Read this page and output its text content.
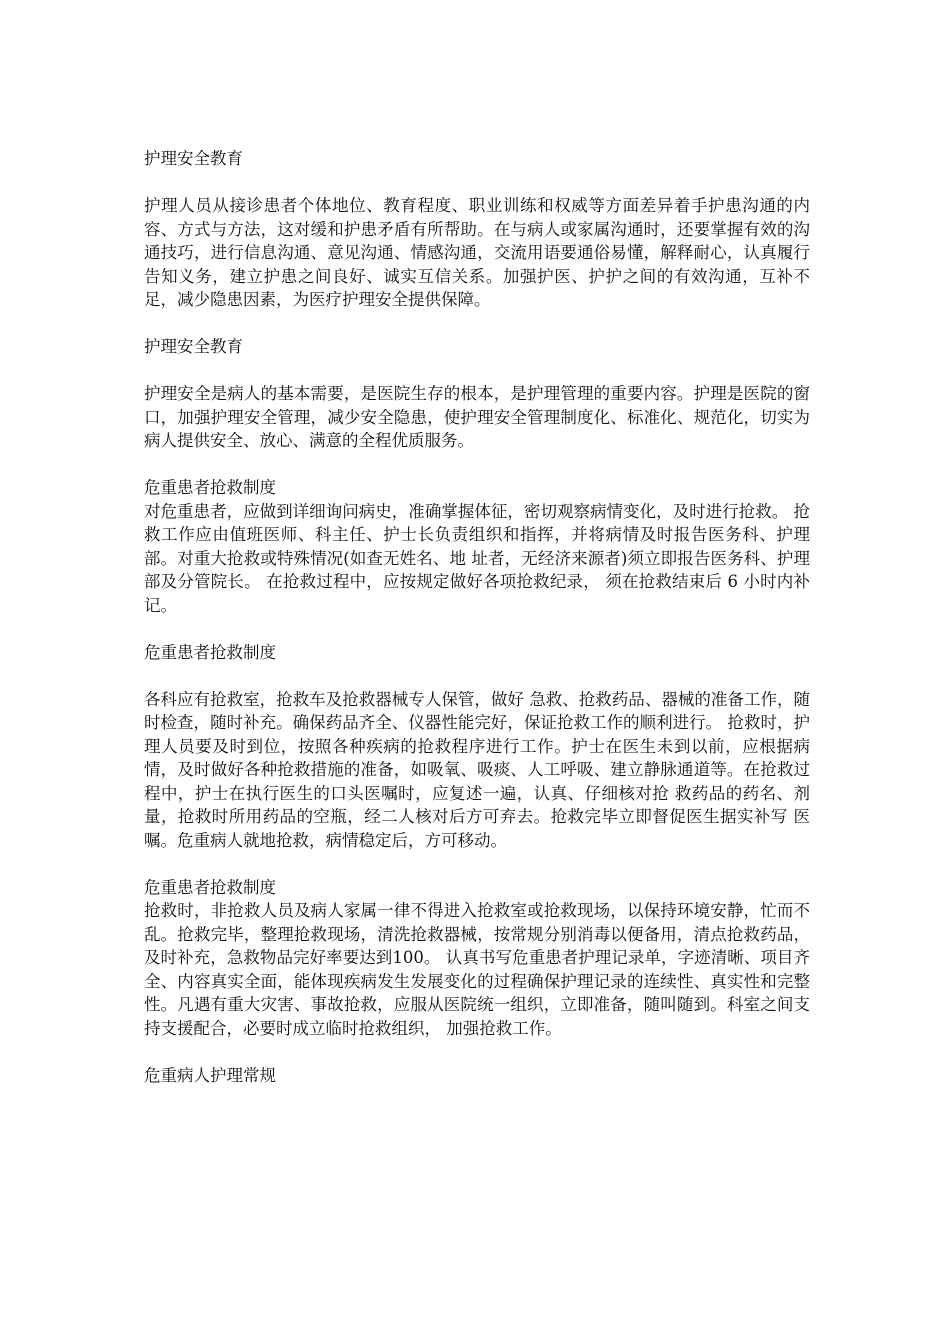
护理安全教育

护理人员从接诊患者个体地位、教育程度、职业训练和权威等方面差异着手护患沟通的内容、方式与方法，这对缓和护患矛盾有所帮助。在与病人或家属沟通时，还要掌握有效的沟通技巧，进行信息沟通、意见沟通、情感沟通，交流用语要通俗易懂，解释耐心，认真履行告知义务，建立护患之间良好、诚实互信关系。加强护医、护护之间的有效沟通，互补不足，减少隐患因素，为医疗护理安全提供保障。

护理安全教育

护理安全是病人的基本需要，是医院生存的根本，是护理管理的重要内容。护理是医院的窗口，加强护理安全管理，减少安全隐患，使护理安全管理制度化、标准化、规范化，切实为病人提供安全、放心、满意的全程优质服务。

危重患者抢救制度

对危重患者，应做到详细询问病史，准确掌握体征，密切观察病情变化，及时进行抢救。 抢救工作应由值班医师、科主任、护士长负责组织和指挥，并将病情及时报告医务科、护理部。对重大抢救或特殊情况(如查无姓名、地 址者，无经济来源者)须立即报告医务科、护理部及分管院长。 在抢救过程中，应按规定做好各项抢救纪录， 须在抢救结束后 6 小时内补记。

危重患者抢救制度

各科应有抢救室，抢救车及抢救器械专人保管，做好 急救、抢救药品、器械的准备工作，随时检查，随时补充。确保药品齐全、仪器性能完好，保证抢救工作的顺利进行。 抢救时，护理人员要及时到位，按照各种疾病的抢救程序进行工作。护士在医生未到以前，应根据病情，及时做好各种抢救措施的准备，如吸氧、吸痰、人工呼吸、建立静脉通道等。在抢救过程中，护士在执行医生的口头医嘱时，应复述一遍，认真、仔细核对抢 救药品的药名、剂量，抢救时所用药品的空瓶，经二人核对后方可弃去。抢救完毕立即督促医生据实补写 医嘱。危重病人就地抢救，病情稳定后，方可移动。

危重患者抢救制度

抢救时，非抢救人员及病人家属一律不得进入抢救室或抢救现场，以保持环境安静，忙而不乱。抢救完毕，整理抢救现场，清洗抢救器械，按常规分别消毒以便备用，清点抢救药品，及时补充，急救物品完好率要达到100。 认真书写危重患者护理记录单，字迹清晰、项目齐全、内容真实全面，能体现疾病发生发展变化的过程确保护理记录的连续性、真实性和完整性。凡遇有重大灾害、事故抢救，应服从医院统一组织，立即准备，随叫随到。科室之间支持支援配合，必要时成立临时抢救组织， 加强抢救工作。

危重病人护理常规
